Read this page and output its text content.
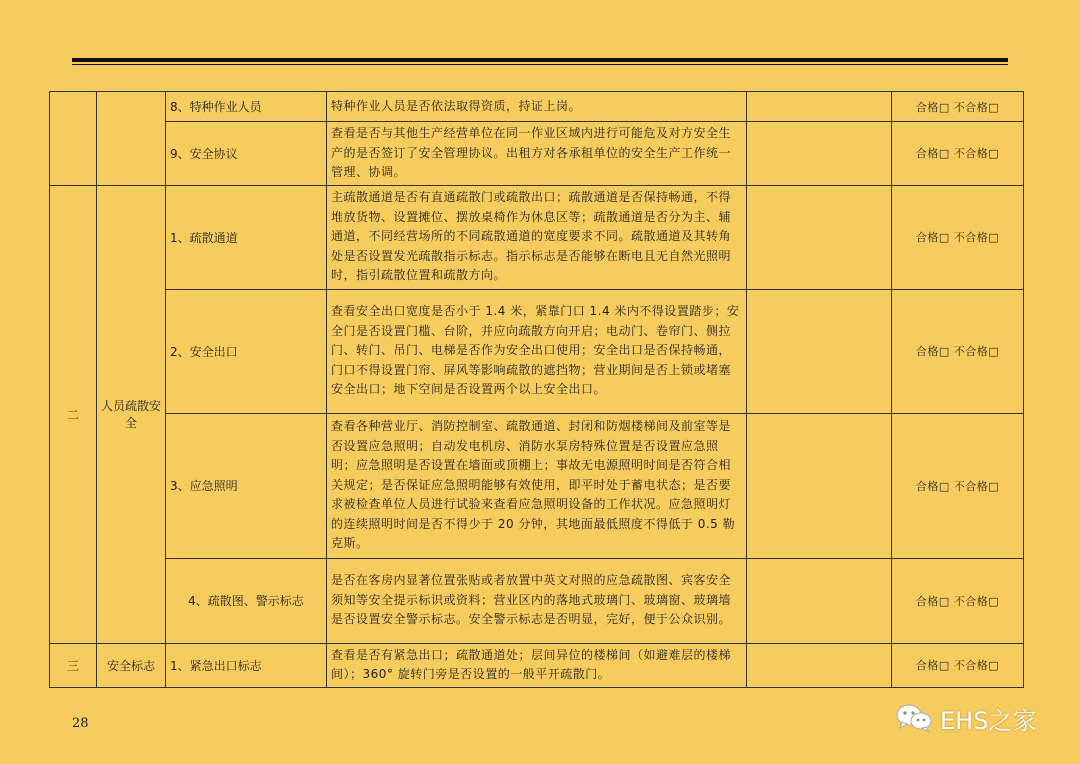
		8、特种作业人员	特种作业人员是否依法取得资质，持证上岗。		合格□ 不合格□
		9、安全协议	查看是否与其他生产经营单位在同一作业区域内进行可能危及对方安全生产的是否签订了安全管理协议。出租方对各承租单位的安全生产工作统一管理、协调。		合格□ 不合格□
二	人员疏散安全	1、疏散通道	主疏散通道是否有直通疏散门或疏散出口；疏散通道是否保持畅通，不得堆放货物、设置摊位、摆放桌椅作为休息区等；疏散通道是否分为主、辅通道，不同经营场所的不同疏散通道的宽度要求不同。疏散通道及其转角处是否设置发光疏散指示标志。指示标志是否能够在断电且无自然光照明时，指引疏散位置和疏散方向。		合格□ 不合格□
		2、安全出口	查看安全出口宽度是否小于 1.4 米，紧靠门口 1.4 米内不得设置踏步；安全门是否设置门槛、台阶，并应向疏散方向开启；电动门、卷帘门、侧拉门、转门、吊门、电梯是否作为安全出口使用；安全出口是否保持畅通，门口不得设置门帘、屏风等影响疏散的遮挡物；营业期间是否上锁或堵塞安全出口；地下空间是否设置两个以上安全出口。		合格□ 不合格□
		3、应急照明	查看各种营业厅、消防控制室、疏散通道、封闭和防烟楼梯间及前室等是否设置应急照明；自动发电机房、消防水泵房特殊位置是否设置应急照明；应急照明是否设置在墙面或顶棚上；事故无电源照明时间是否符合相关规定；是否保证应急照明能够有效使用，即平时处于蓄电状态；是否要求被检查单位人员进行试验来查看应急照明设备的工作状况。应急照明灯的连续照明时间是否不得少于 20 分钟，其地面最低照度不得低于 0.5 勒克斯。		合格□ 不合格□
		4、疏散图、警示标志	是否在客房内显著位置张贴或者放置中英文对照的应急疏散图、宾客安全须知等安全提示标识或资料；营业区内的落地式玻璃门、玻璃窗、玻璃墙是否设置安全警示标志。安全警示标志是否明显，完好，便于公众识别。		合格□ 不合格□
三	安全标志	1、紧急出口标志	查看是否有紧急出口；疏散通道处；层间异位的楼梯间（如避难层的楼梯间）；360° 旋转门旁是否设置的一般平开疏散门。		合格□ 不合格□
28	EHS之家
